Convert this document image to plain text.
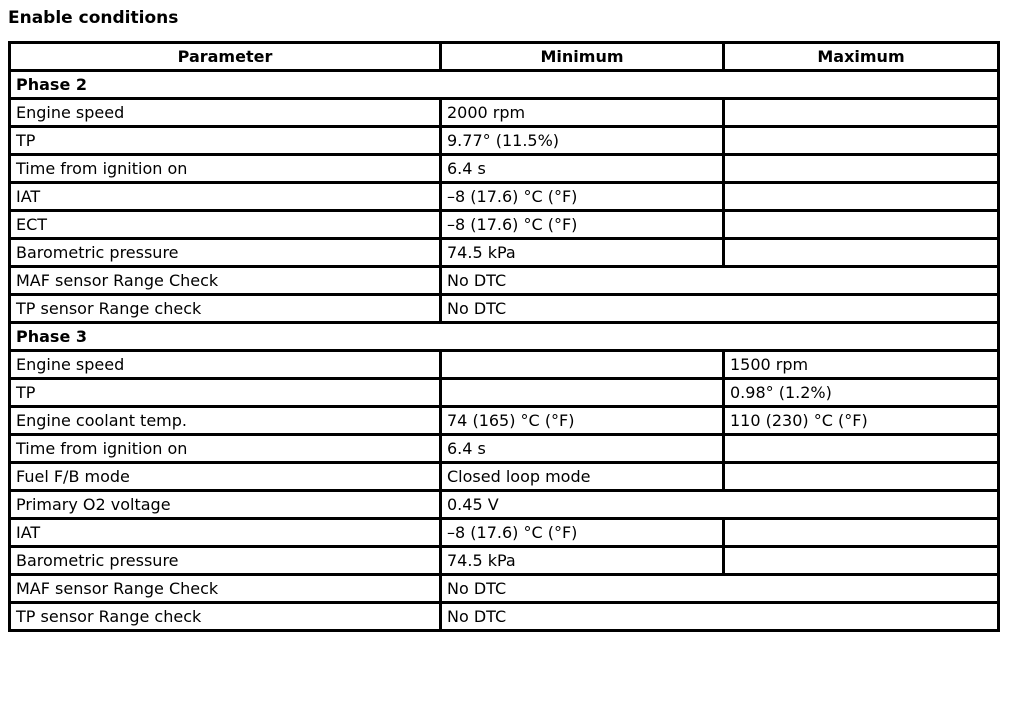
Enable conditions
Parameter	Minimum	Maximum
Phase 2		
Engine speed	2000 rpm	
TP	9.77° (11.5%)	
Time from ignition on	6.4 s	
IAT	–8 (17.6) °C (°F)	
ECT	–8 (17.6) °C (°F)	
Barometric pressure	74.5 kPa	
MAF sensor Range Check	No DTC	
TP sensor Range check	No DTC	
Phase 3		
Engine speed		1500 rpm
TP		0.98° (1.2%)
Engine coolant temp.	74 (165) °C (°F)	110 (230) °C (°F)
Time from ignition on	6.4 s	
Fuel F/B mode	Closed loop mode	
Primary O2 voltage	0.45 V	
IAT	–8 (17.6) °C (°F)	
Barometric pressure	74.5 kPa	
MAF sensor Range Check	No DTC	
TP sensor Range check	No DTC	
